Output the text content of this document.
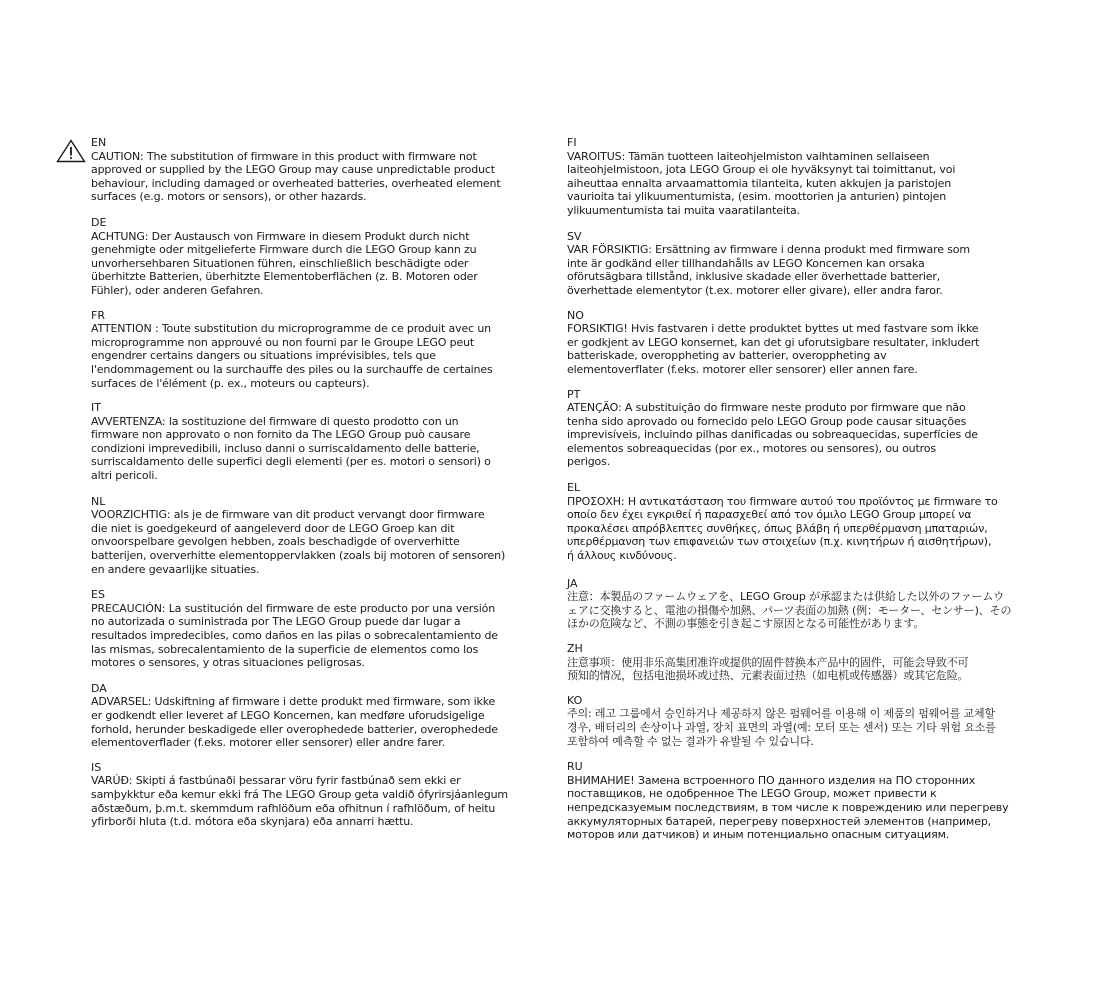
EN
CAUTION: The substitution of firmware in this product with firmware not
approved or supplied by the LEGO Group may cause unpredictable product
behaviour, including damaged or overheated batteries, overheated element
surfaces (e.g. motors or sensors), or other hazards.
DE
ACHTUNG: Der Austausch von Firmware in diesem Produkt durch nicht
genehmigte oder mitgelieferte Firmware durch die LEGO Group kann zu
unvorhersehbaren Situationen führen, einschließlich beschädigte oder
überhitzte Batterien, überhitzte Elementoberflächen (z. B. Motoren oder
Fühler), oder anderen Gefahren.
FR
ATTENTION : Toute substitution du microprogramme de ce produit avec un
microprogramme non approuvé ou non fourni par le Groupe LEGO peut
engendrer certains dangers ou situations imprévisibles, tels que
l'endommagement ou la surchauffe des piles ou la surchauffe de certaines
surfaces de l'élément (p. ex., moteurs ou capteurs).
IT
AVVERTENZA: la sostituzione del firmware di questo prodotto con un
firmware non approvato o non fornito da The LEGO Group può causare
condizioni imprevedibili, incluso danni o surriscaldamento delle batterie,
surriscaldamento delle superfici degli elementi (per es. motori o sensori) o
altri pericoli.
NL
VOORZICHTIG: als je de firmware van dit product vervangt door firmware
die niet is goedgekeurd of aangeleverd door de LEGO Groep kan dit
onvoorspelbare gevolgen hebben, zoals beschadigde of oververhitte
batterijen, oververhitte elementoppervlakken (zoals bij motoren of sensoren)
en andere gevaarlijke situaties.
ES
PRECAUCIÓN: La sustitución del firmware de este producto por una versión
no autorizada o suministrada por The LEGO Group puede dar lugar a
resultados impredecibles, como daños en las pilas o sobrecalentamiento de
las mismas, sobrecalentamiento de la superficie de elementos como los
motores o sensores, y otras situaciones peligrosas.
DA
ADVARSEL: Udskiftning af firmware i dette produkt med firmware, som ikke
er godkendt eller leveret af LEGO Koncernen, kan medføre uforudsigelige
forhold, herunder beskadigede eller overophedede batterier, overophedede
elementoverflader (f.eks. motorer eller sensorer) eller andre farer.
IS
VARÚÐ: Skipti á fastbúnaði þessarar vöru fyrir fastbúnað sem ekki er
samþykktur eða kemur ekki frá The LEGO Group geta valdið ófyrirsjáanlegum
aðstæðum, þ.m.t. skemmdum rafhlöðum eða ofhitnun í rafhlöðum, of heitu
yfirborði hluta (t.d. mótora eða skynjara) eða annarri hættu.
FI
VAROITUS: Tämän tuotteen laiteohjelmiston vaihtaminen sellaiseen
laiteohjelmistoon, jota LEGO Group ei ole hyväksynyt tai toimittanut, voi
aiheuttaa ennalta arvaamattomia tilanteita, kuten akkujen ja paristojen
vaurioita tai ylikuumentumista, (esim. moottorien ja anturien) pintojen
ylikuumentumista tai muita vaaratilanteita.
SV
VAR FÖRSIKTIG: Ersättning av firmware i denna produkt med firmware som
inte är godkänd eller tillhandahålls av LEGO Koncernen kan orsaka
oförutsägbara tillstånd, inklusive skadade eller överhettade batterier,
överhettade elementytor (t.ex. motorer eller givare), eller andra faror.
NO
FORSIKTIG! Hvis fastvaren i dette produktet byttes ut med fastvare som ikke
er godkjent av LEGO konsernet, kan det gi uforutsigbare resultater, inkludert
batteriskade, overoppheting av batterier, overoppheting av
elementoverflater (f.eks. motorer eller sensorer) eller annen fare.
PT
ATENÇÃO: A substituição do firmware neste produto por firmware que não
tenha sido aprovado ou fornecido pelo LEGO Group pode causar situações
imprevisíveis, incluindo pilhas danificadas ou sobreaquecidas, superfícies de
elementos sobreaquecidas (por ex., motores ou sensores), ou outros
perigos.
EL
ΠΡΟΣΟΧΗ: Η αντικατάσταση του firmware αυτού του προϊόντος με firmware το
οποίο δεν έχει εγκριθεί ή παρασχεθεί από τον όμιλο LEGO Group μπορεί να
προκαλέσει απρόβλεπτες συνθήκες, όπως βλάβη ή υπερθέρμανση μπαταριών,
υπερθέρμανση των επιφανειών των στοιχείων (π.χ. κινητήρων ή αισθητήρων),
ή άλλους κινδύνους.
JA
注意：本製品のファームウェアを、LEGO Group が承認または供給した以外のファームウ
ェアに交換すると、電池の損傷や加熱、パーツ表面の加熱 (例：モーター、センサー)、その
ほかの危険など、不測の事態を引き起こす原因となる可能性があります。
ZH
注意事项：使用非乐高集团准许或提供的固件替换本产品中的固件，可能会导致不可
预知的情况，包括电池损坏或过热、元素表面过热（如电机或传感器）或其它危险。
KO
주의: 레고 그룹에서 승인하거나 제공하지 않은 펌웨어를 이용해 이 제품의 펌웨어를 교체할
경우, 배터리의 손상이나 과열, 장치 표면의 과열(예: 모터 또는 센서) 또는 기타 위험 요소를
포함하여 예측할 수 없는 결과가 유발될 수 있습니다.
RU
ВНИМАНИЕ! Замена встроенного ПО данного изделия на ПО сторонних
поставщиков, не одобренное The LEGO Group, может привести к
непредсказуемым последствиям, в том числе к повреждению или перегреву
аккумуляторных батарей, перегреву поверхностей элементов (например,
моторов или датчиков) и иным потенциально опасным ситуациям.
